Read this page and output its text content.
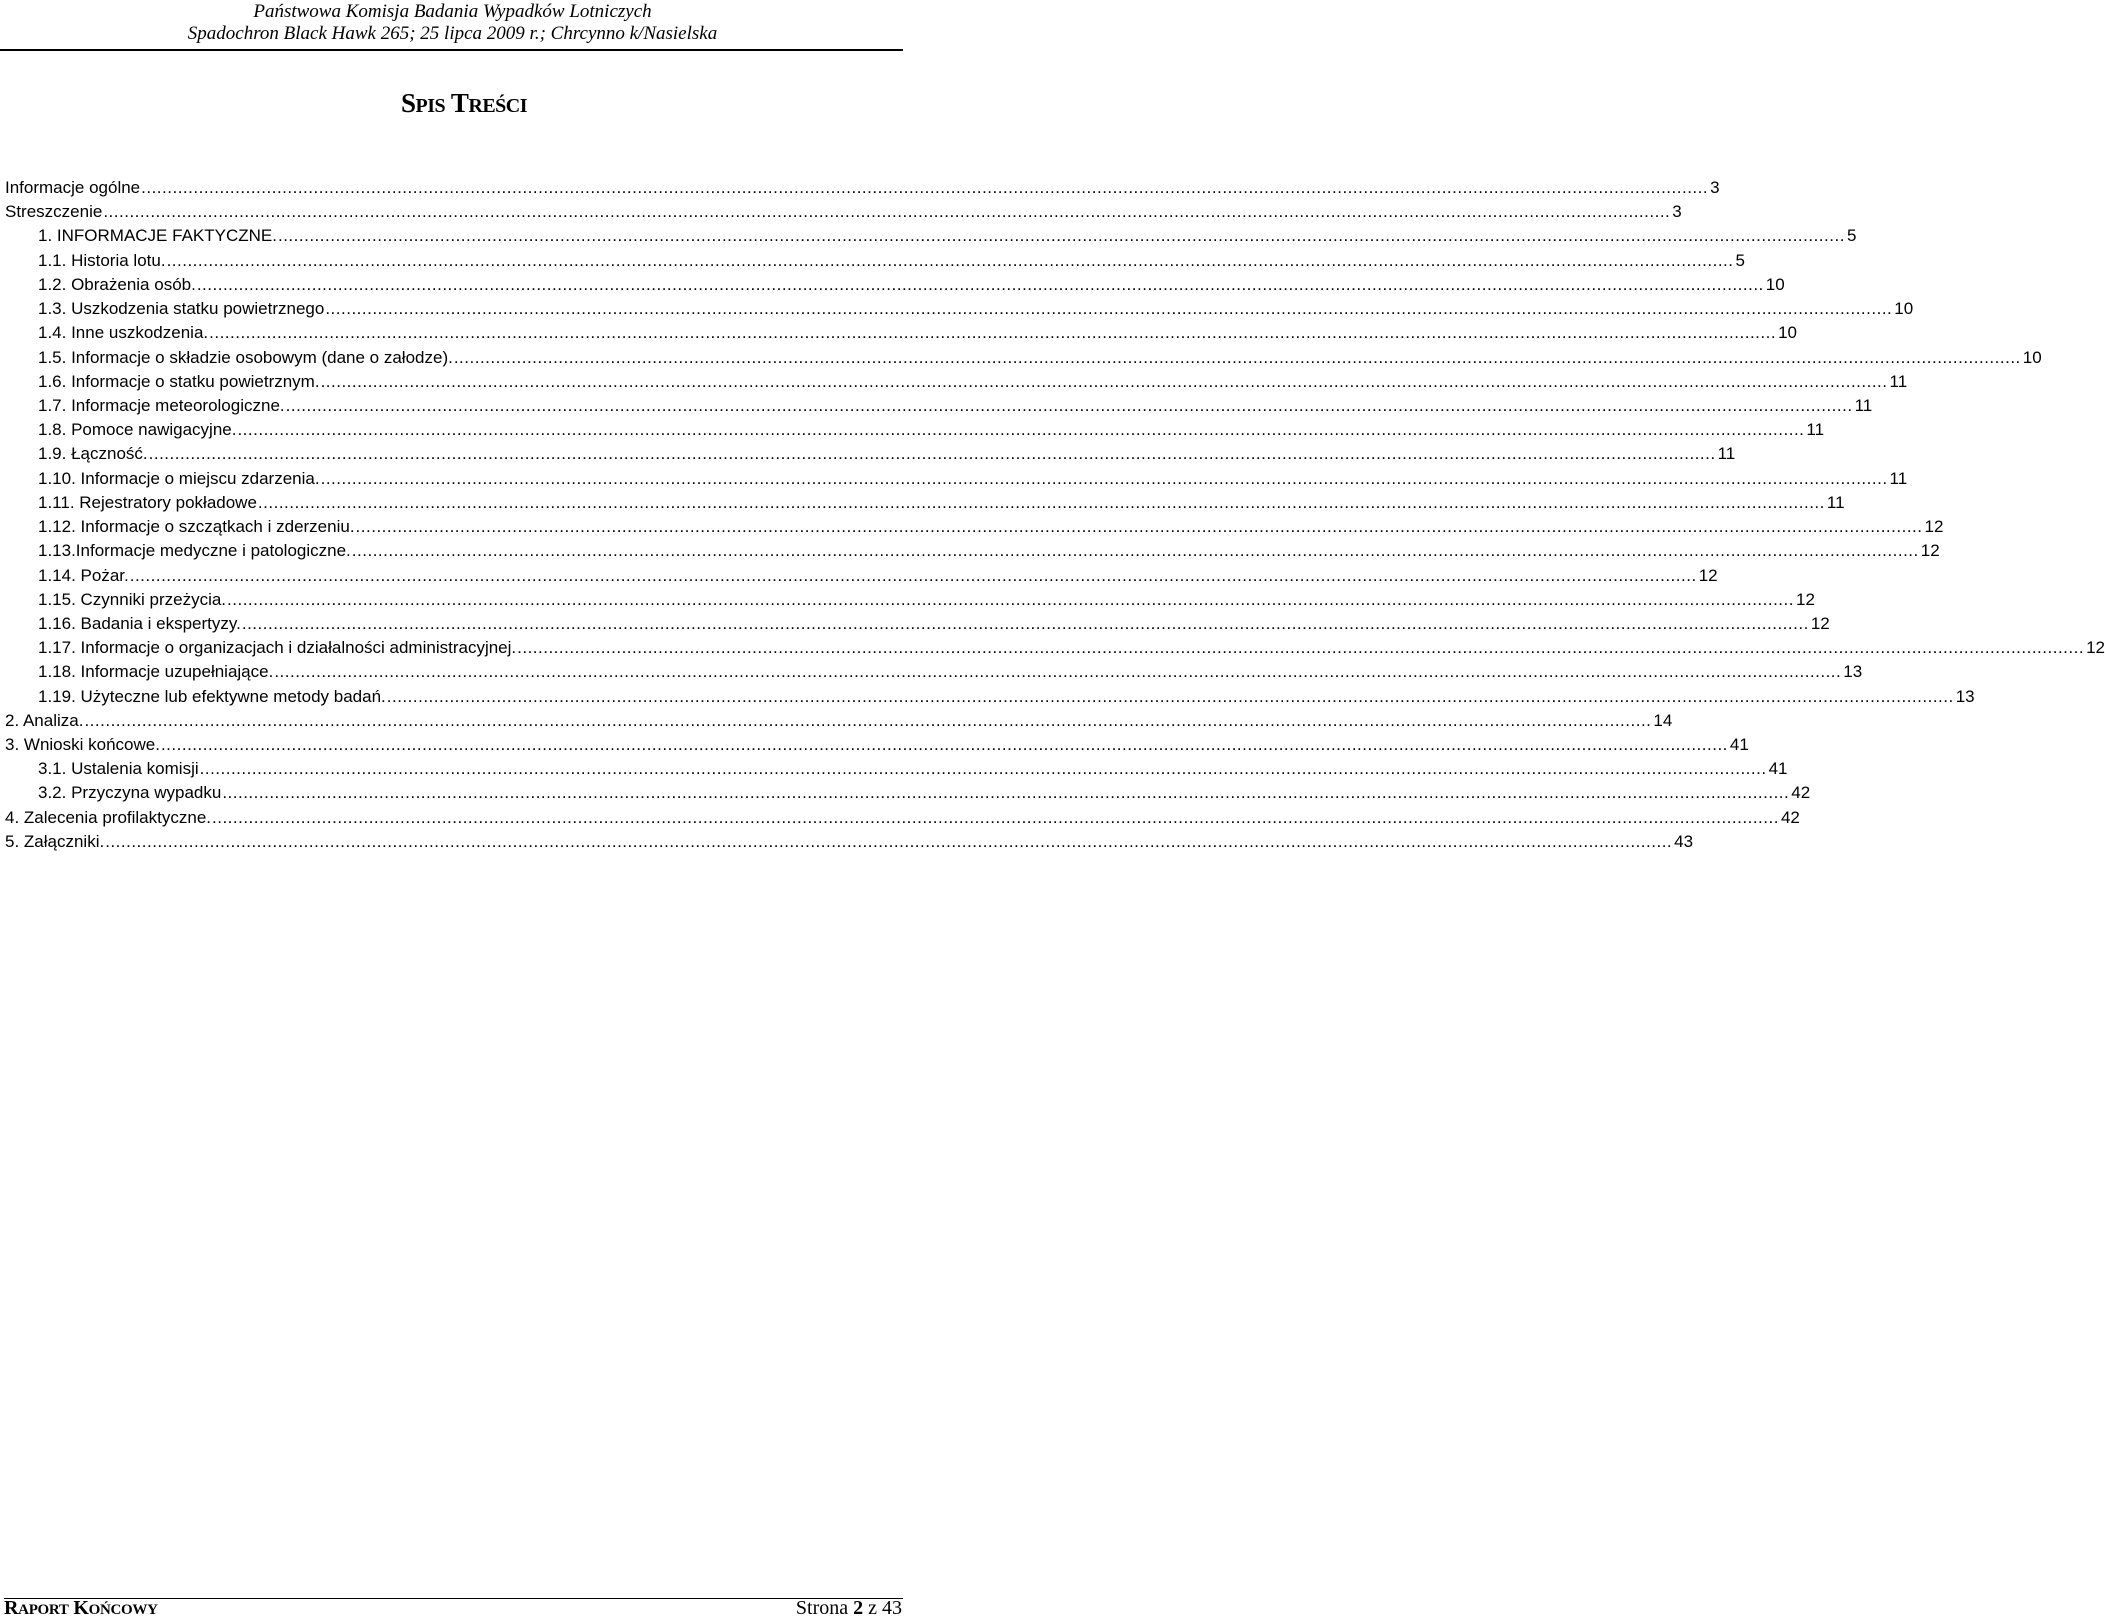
Państwowa Komisja Badania Wypadków Lotniczych
Spadochron Black Hawk 265; 25 lipca 2009 r.; Chrcynno k/Nasielska
SPIS TREŚCI
Informacje ogólne ............................................................................................................................................................................................................................................................................................................ 3
Streszczenie ............................................................................................................................................................................................................................................................................................................ 3
1. INFORMACJE FAKTYCZNE. ............................................................................................................................................................................................................................................................................................................ 5
1.1. Historia lotu. ............................................................................................................................................................................................................................................................................................................ 5
1.2. Obrażenia osób. ............................................................................................................................................................................................................................................................................................................ 10
1.3. Uszkodzenia statku powietrznego ............................................................................................................................................................................................................................................................................................................ 10
1.4. Inne uszkodzenia. ............................................................................................................................................................................................................................................................................................................ 10
1.5. Informacje o składzie osobowym (dane o załodze). ............................................................................................................................................................................................................................................................................................................ 10
1.6. Informacje o statku powietrznym. ............................................................................................................................................................................................................................................................................................................ 11
1.7. Informacje meteorologiczne. ............................................................................................................................................................................................................................................................................................................ 11
1.8. Pomoce nawigacyjne. ............................................................................................................................................................................................................................................................................................................ 11
1.9. Łączność. ............................................................................................................................................................................................................................................................................................................ 11
1.10. Informacje o miejscu zdarzenia. ............................................................................................................................................................................................................................................................................................................ 11
1.11. Rejestratory pokładowe ............................................................................................................................................................................................................................................................................................................ 11
1.12. Informacje o szczątkach i zderzeniu. ............................................................................................................................................................................................................................................................................................................ 12
1.13.Informacje medyczne i patologiczne. ............................................................................................................................................................................................................................................................................................................ 12
1.14. Pożar. ............................................................................................................................................................................................................................................................................................................ 12
1.15. Czynniki przeżycia. ............................................................................................................................................................................................................................................................................................................ 12
1.16. Badania i ekspertyzy. ............................................................................................................................................................................................................................................................................................................ 12
1.17. Informacje o organizacjach i działalności administracyjnej. ............................................................................................................................................................................................................................................................................................................ 12
1.18. Informacje uzupełniające. ............................................................................................................................................................................................................................................................................................................ 13
1.19. Użyteczne lub efektywne metody badań. ............................................................................................................................................................................................................................................................................................................ 13
2. Analiza. ............................................................................................................................................................................................................................................................................................................ 14
3. Wnioski końcowe. ............................................................................................................................................................................................................................................................................................................ 41
3.1. Ustalenia komisji ............................................................................................................................................................................................................................................................................................................ 41
3.2. Przyczyna wypadku ............................................................................................................................................................................................................................................................................................................ 42
4. Zalecenia profilaktyczne. ............................................................................................................................................................................................................................................................................................................ 42
5. Załączniki. ............................................................................................................................................................................................................................................................................................................ 43
RAPORT KOŃCOWY	Strona 2 z 43
